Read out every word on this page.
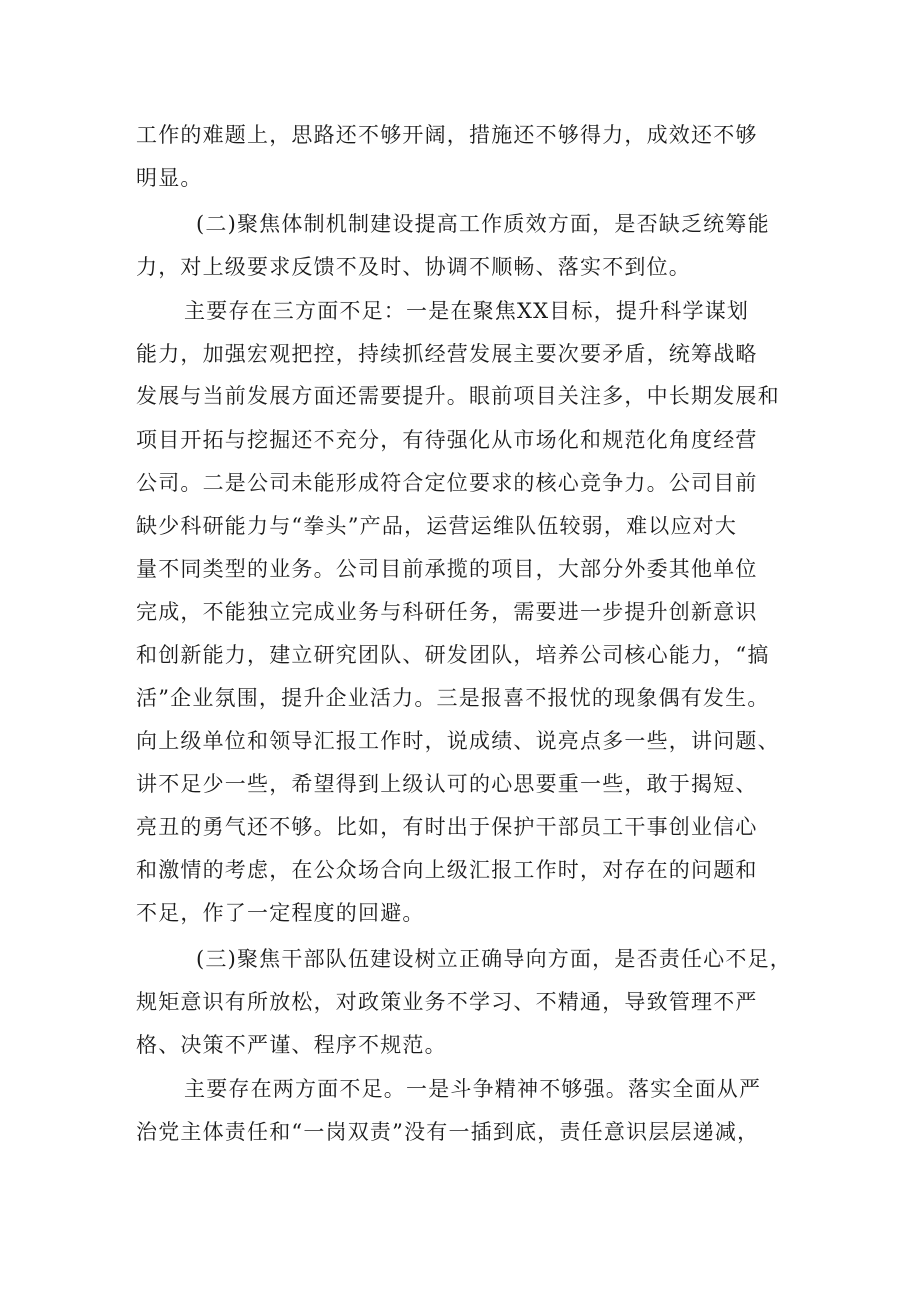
工作的难题上，思路还不够开阔，措施还不够得力，成效还不够
明显。
(二)聚焦体制机制建设提高工作质效方面，是否缺乏统筹能
力，对上级要求反馈不及时、协调不顺畅、落实不到位。
主要存在三方面不足：一是在聚焦XX目标，提升科学谋划
能力，加强宏观把控，持续抓经营发展主要次要矛盾，统筹战略
发展与当前发展方面还需要提升。眼前项目关注多，中长期发展和
项目开拓与挖掘还不充分，有待强化从市场化和规范化角度经营
公司。二是公司未能形成符合定位要求的核心竞争力。公司目前
缺少科研能力与“拳头”产品，运营运维队伍较弱，难以应对大
量不同类型的业务。公司目前承揽的项目，大部分外委其他单位
完成，不能独立完成业务与科研任务，需要进一步提升创新意识
和创新能力，建立研究团队、研发团队，培养公司核心能力，“搞
活”企业氛围，提升企业活力。三是报喜不报忧的现象偶有发生。
向上级单位和领导汇报工作时，说成绩、说亮点多一些，讲问题、
讲不足少一些，希望得到上级认可的心思要重一些，敢于揭短、
亮丑的勇气还不够。比如，有时出于保护干部员工干事创业信心
和激情的考虑，在公众场合向上级汇报工作时，对存在的问题和
不足，作了一定程度的回避。
(三)聚焦干部队伍建设树立正确导向方面，是否责任心不足，
规矩意识有所放松，对政策业务不学习、不精通，导致管理不严
格、决策不严谨、程序不规范。
主要存在两方面不足。一是斗争精神不够强。落实全面从严
治党主体责任和“一岗双责”没有一插到底，责任意识层层递减，
